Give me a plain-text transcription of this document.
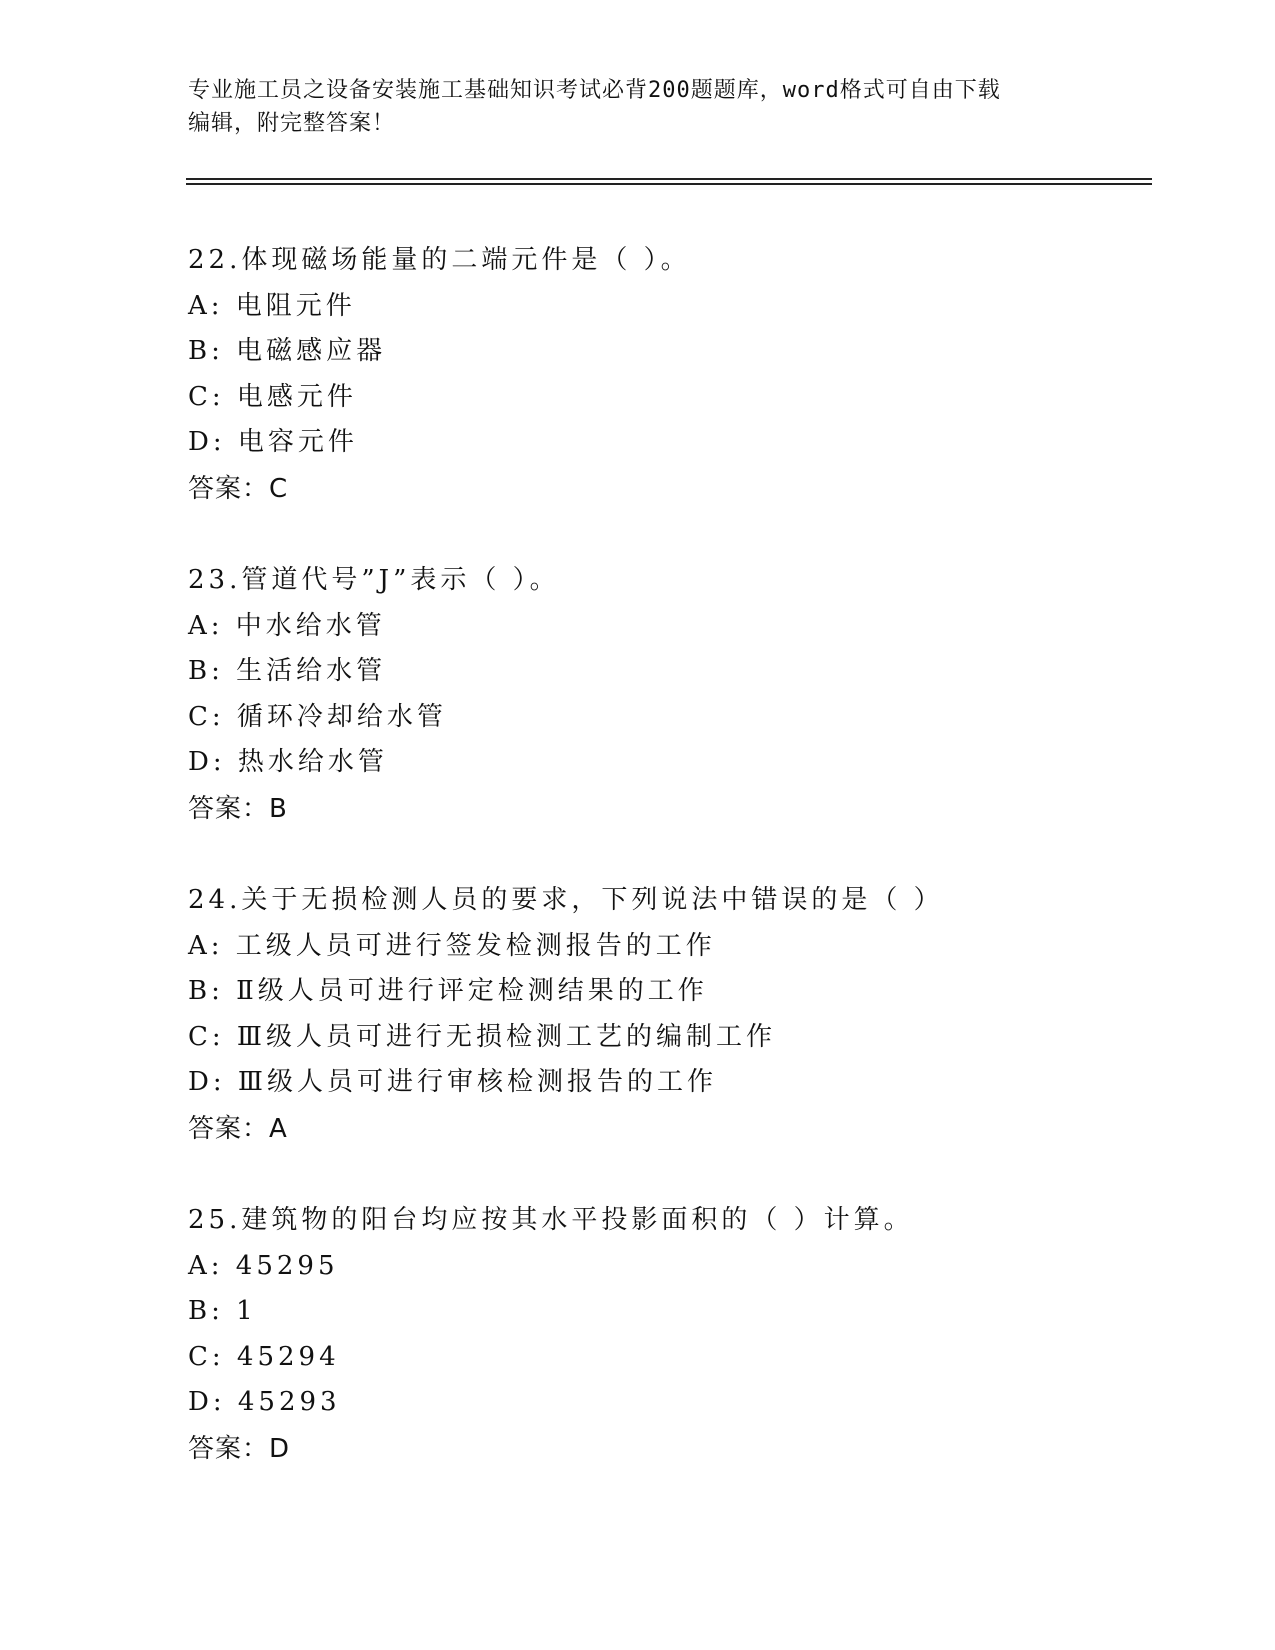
专业施工员之设备安装施工基础知识考试必背200题题库，word格式可自由下载
编辑，附完整答案！
22.体现磁场能量的二端元件是（ ）。
A: 电阻元件
B: 电磁感应器
C: 电感元件
D: 电容元件
答案：C
23.管道代号”J”表示（ ）。
A: 中水给水管
B: 生活给水管
C: 循环冷却给水管
D: 热水给水管
答案：B
24.关于无损检测人员的要求，下列说法中错误的是（ ）
A: 工级人员可进行签发检测报告的工作
B: Ⅱ级人员可进行评定检测结果的工作
C: Ⅲ级人员可进行无损检测工艺的编制工作
D: Ⅲ级人员可进行审核检测报告的工作
答案：A
25.建筑物的阳台均应按其水平投影面积的（ ）计算。
A: 45295
B: 1
C: 45294
D: 45293
答案：D
